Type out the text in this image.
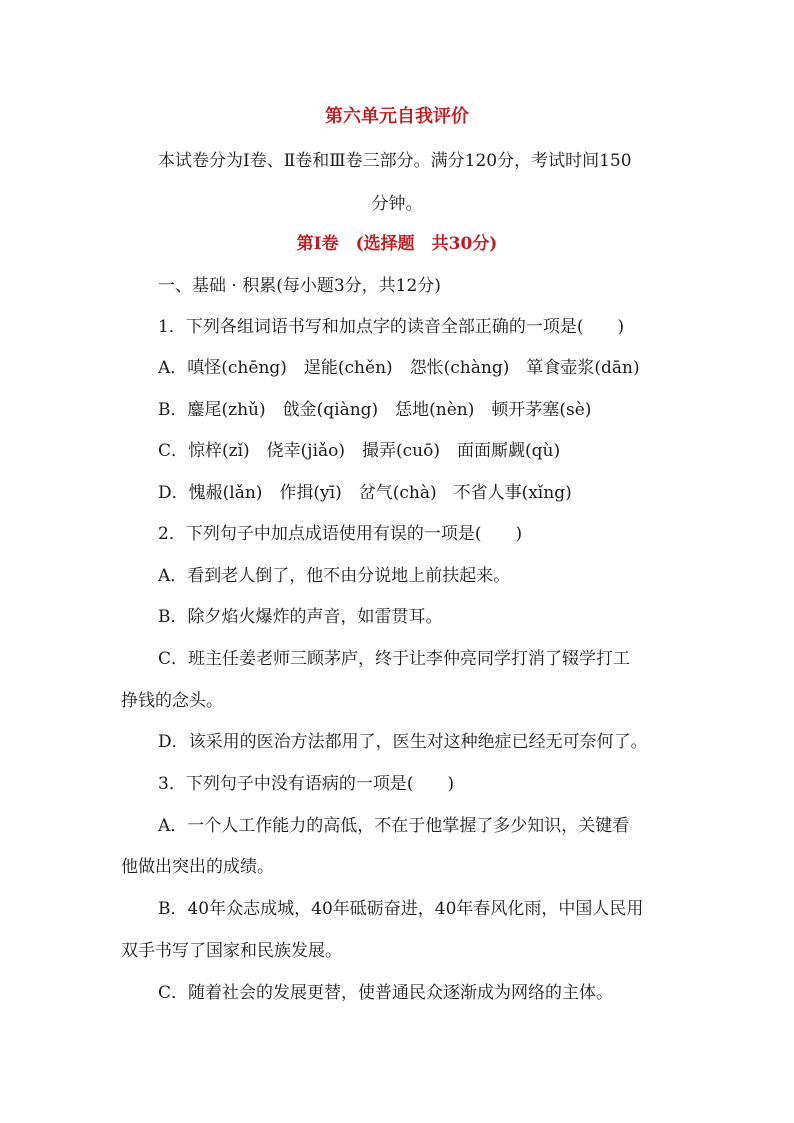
第六单元自我评价
本试卷分为Ⅰ卷、Ⅱ卷和Ⅲ卷三部分。满分120分，考试时间150
分钟。
第Ⅰ卷　(选择题　共30分)
一、基础 · 积累(每小题3分，共12分)
1．下列各组词语书写和加点字的读音全部正确的一项是(　　)
A．嗔怪(chēng)　逞能(chěn)　怨怅(chàng)　箪食壶浆(dān)
B．鏖尾(zhǔ)　戗金(qiàng)　恁地(nèn)　顿开茅塞(sè)
C．惊梓(zǐ)　侥幸(jiǎo)　撮弄(cuō)　面面厮觑(qù)
D．愧赧(lǎn)　作揖(yī)　岔气(chà)　不省人事(xǐng)
2．下列句子中加点成语使用有误的一项是(　　)
A．看到老人倒了，他不由分说地上前扶起来。
B．除夕焰火爆炸的声音，如雷贯耳。
C．班主任姜老师三顾茅庐，终于让李仲亮同学打消了辍学打工
挣钱的念头。
D．该采用的医治方法都用了，医生对这种绝症已经无可奈何了。
3．下列句子中没有语病的一项是(　　)
A．一个人工作能力的高低，不在于他掌握了多少知识，关键看
他做出突出的成绩。
B．40年众志成城，40年砥砺奋进，40年春风化雨，中国人民用
双手书写了国家和民族发展。
C．随着社会的发展更替，使普通民众逐渐成为网络的主体。
